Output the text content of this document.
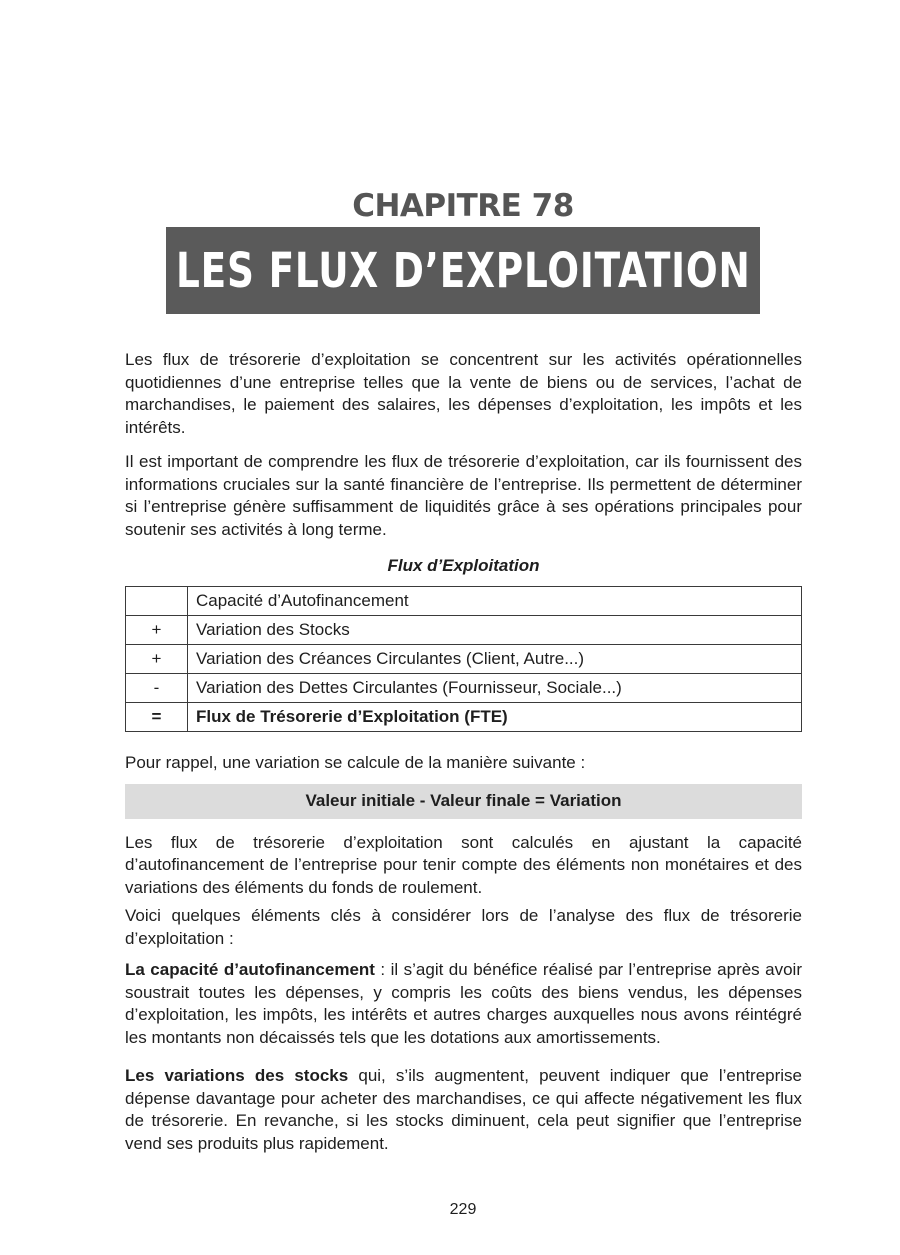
CHAPITRE 78
LES FLUX D’EXPLOITATION

Les flux de trésorerie d’exploitation se concentrent sur les activités opérationnelles quotidiennes d’une entreprise telles que la vente de biens ou de services, l’achat de marchandises, le paiement des salaires, les dépenses d’exploitation, les impôts et les intérêts.

Il est important de comprendre les flux de trésorerie d’exploitation, car ils fournissent des informations cruciales sur la santé financière de l’entreprise. Ils permettent de déterminer si l’entreprise génère suffisamment de liquidités grâce à ses opérations principales pour soutenir ses activités à long terme.

Flux d’Exploitation
	Capacité d’Autofinancement
+	Variation des Stocks
+	Variation des Créances Circulantes (Client, Autre...)
-	Variation des Dettes Circulantes (Fournisseur, Sociale...)
=	Flux de Trésorerie d’Exploitation (FTE)

Pour rappel, une variation se calcule de la manière suivante :

Valeur initiale - Valeur finale = Variation

Les flux de trésorerie d’exploitation sont calculés en ajustant la capacité d’autofinancement de l’entreprise pour tenir compte des éléments non monétaires et des variations des éléments du fonds de roulement.

Voici quelques éléments clés à considérer lors de l’analyse des flux de trésorerie d’exploitation :

La capacité d’autofinancement : il s’agit du bénéfice réalisé par l’entreprise après avoir soustrait toutes les dépenses, y compris les coûts des biens vendus, les dépenses d’exploitation, les impôts, les intérêts et autres charges auxquelles nous avons réintégré les montants non décaissés tels que les dotations aux amortissements.

Les variations des stocks qui, s’ils augmentent, peuvent indiquer que l’entreprise dépense davantage pour acheter des marchandises, ce qui affecte négativement les flux de trésorerie. En revanche, si les stocks diminuent, cela peut signifier que l’entreprise vend ses produits plus rapidement.

229
